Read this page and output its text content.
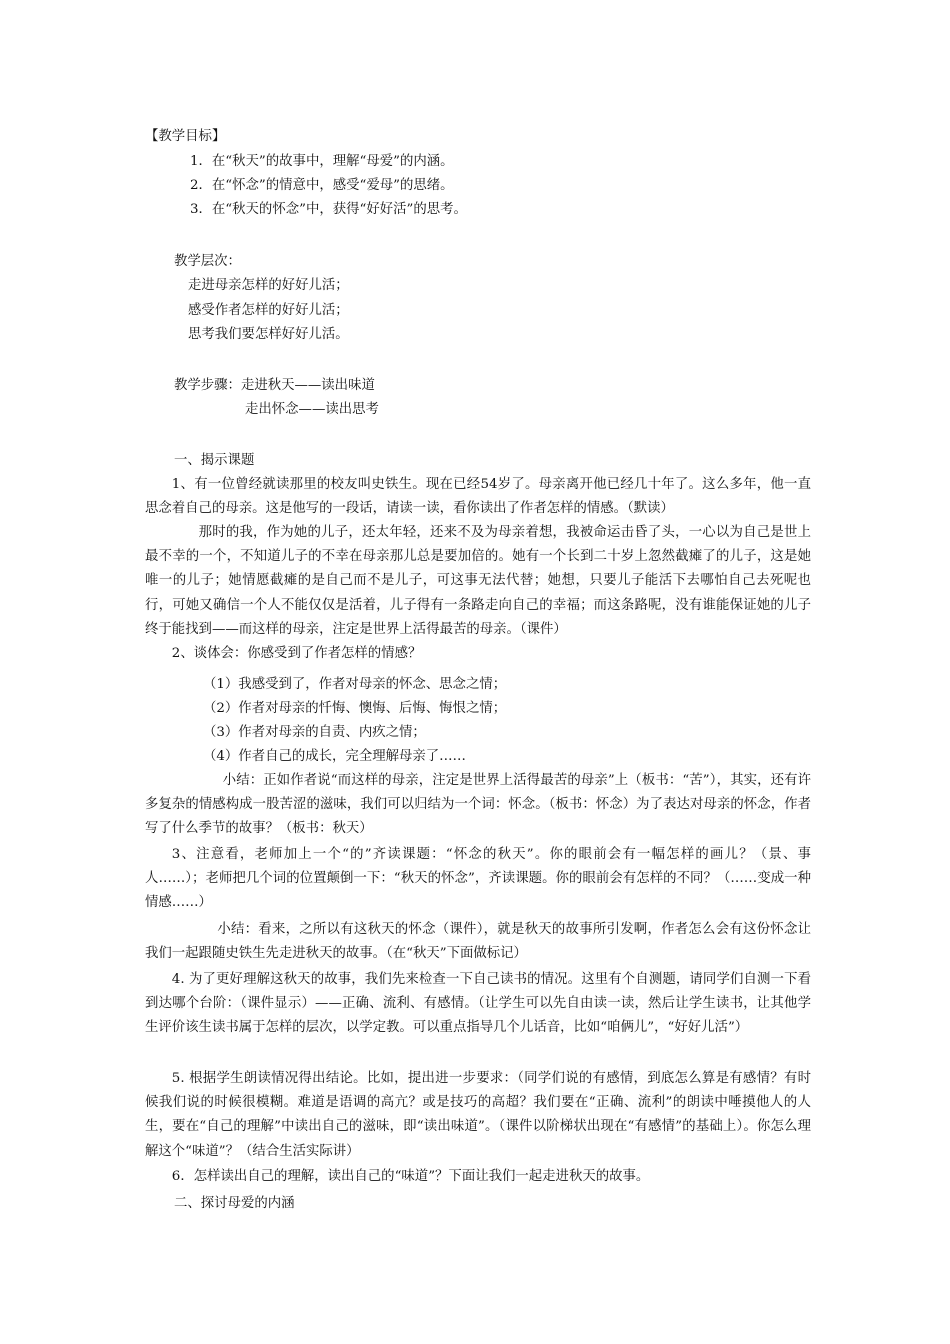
【教学目标】
1．在“秋天”的故事中，理解“母爱”的内涵。
2．在“怀念”的情意中，感受“爱母”的思绪。
3．在“秋天的怀念”中，获得“好好活”的思考。
教学层次：
走进母亲怎样的好好儿活；
感受作者怎样的好好儿活；
思考我们要怎样好好儿活。
教学步骤：走进秋天——读出味道
走出怀念——读出思考
一、揭示课题
1、有一位曾经就读那里的校友叫史铁生。现在已经54岁了。母亲离开他已经几十年了。这么多年，他一直思念着自己的母亲。这是他写的一段话，请读一读，看你读出了作者怎样的情感。（默读）
那时的我，作为她的儿子，还太年轻，还来不及为母亲着想，我被命运击昏了头，一心以为自己是世上最不幸的一个，不知道儿子的不幸在母亲那儿总是要加倍的。她有一个长到二十岁上忽然截瘫了的儿子，这是她唯一的儿子；她情愿截瘫的是自己而不是儿子，可这事无法代替；她想，只要儿子能活下去哪怕自己去死呢也行，可她又确信一个人不能仅仅是活着，儿子得有一条路走向自己的幸福；而这条路呢，没有谁能保证她的儿子终于能找到——而这样的母亲，注定是世界上活得最苦的母亲。（课件）
2、谈体会：你感受到了作者怎样的情感？
（1）我感受到了，作者对母亲的怀念、思念之情；
（2）作者对母亲的忏悔、懊悔、后悔、悔恨之情；
（3）作者对母亲的自责、内疚之情；
（4）作者自己的成长，完全理解母亲了……
小结：正如作者说“而这样的母亲，注定是世界上活得最苦的母亲”上（板书：“苦”），其实，还有许多复杂的情感构成一股苦涩的滋味，我们可以归结为一个词：怀念。（板书：怀念）为了表达对母亲的怀念，作者写了什么季节的故事？（板书：秋天）
3、注意看，老师加上一个“的”齐读课题：“怀念的秋天”。你的眼前会有一幅怎样的画儿？（景、事人……）；老师把几个词的位置颠倒一下：“秋天的怀念”，齐读课题。你的眼前会有怎样的不同？（……变成一种情感……）
小结：看来，之所以有这秋天的怀念（课件），就是秋天的故事所引发啊，作者怎么会有这份怀念让我们一起跟随史铁生先走进秋天的故事。（在“秋天”下面做标记）
4. 为了更好理解这秋天的故事，我们先来检查一下自己读书的情况。这里有个自测题，请同学们自测一下看到达哪个台阶：（课件显示）——正确、流利、有感情。（让学生可以先自由读一读，然后让学生读书，让其他学生评价该生读书属于怎样的层次，以学定教。可以重点指导几个儿话音，比如“咱俩儿”，“好好儿活”）
5. 根据学生朗读情况得出结论。比如，提出进一步要求：（同学们说的有感情，到底怎么算是有感情？有时候我们说的时候很模糊。难道是语调的高亢？或是技巧的高超？我们要在“正确、流利”的朗读中唾摸他人的人生，要在“自己的理解”中读出自己的滋味，即“读出味道”。（课件以阶梯状出现在“有感情”的基础上）。你怎么理解这个“味道”？（结合生活实际讲）
6．怎样读出自己的理解，读出自己的“味道”？下面让我们一起走进秋天的故事。
二、探讨母爱的内涵
